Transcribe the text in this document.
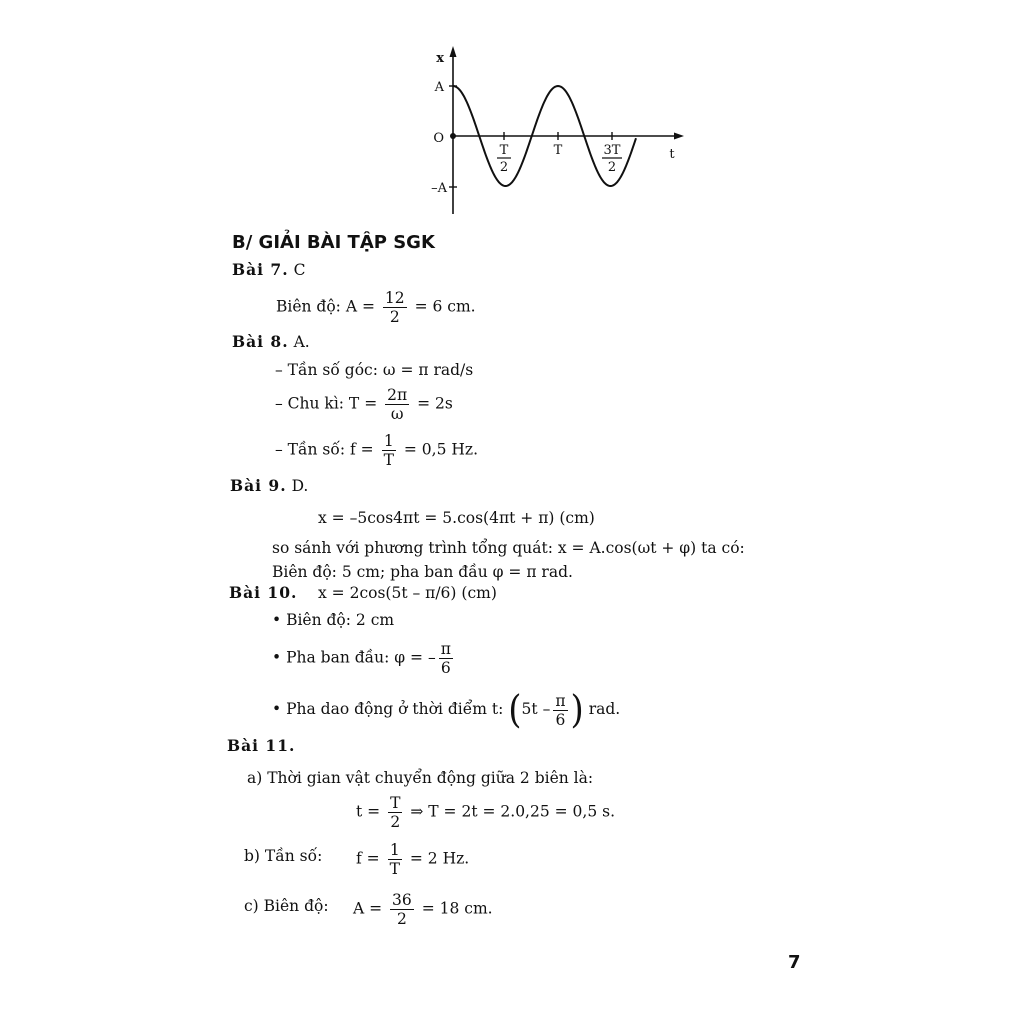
x
t
A
O
–A
T
2
T	3T
2
B/ GIẢI BÀI TẬP SGK
Bài 7. C
Biên độ: $A = \frac{12}{2} = 6$ cm.
Bài 8. A.
– Tần số góc: ω = π rad/s
– Chu kì: $T = \frac{2\pi}{\omega} = 2s$
– Tần số: $f = \frac{1}{T} = 0,5$ Hz.
Bài 9. D.
x = –5cos4πt = 5.cos(4πt + π) (cm)
so sánh với phương trình tổng quát: x = A.cos(ωt + φ) ta có:
Biên độ: 5 cm; pha ban đầu φ = π rad.
Bài 10. x = 2cos(5t – π/6) (cm)
• Biên độ: 2 cm
• Pha ban đầu: φ = – $\frac{\pi}{6}$
• Pha dao động ở thời điểm t: ($5t - \frac{\pi}{6}$ ) rad.
Bài 11.
a) Thời gian vật chuyển động giữa 2 biên là:
$t = \frac{T}{2}$ ⇒ T = 2t = 2.0,25 = 0,5 s.
b) Tần số: $f = \frac{1}{T} = 2$ Hz.
c) Biên độ: $A = \frac{36}{2} = 18$ cm.
7
